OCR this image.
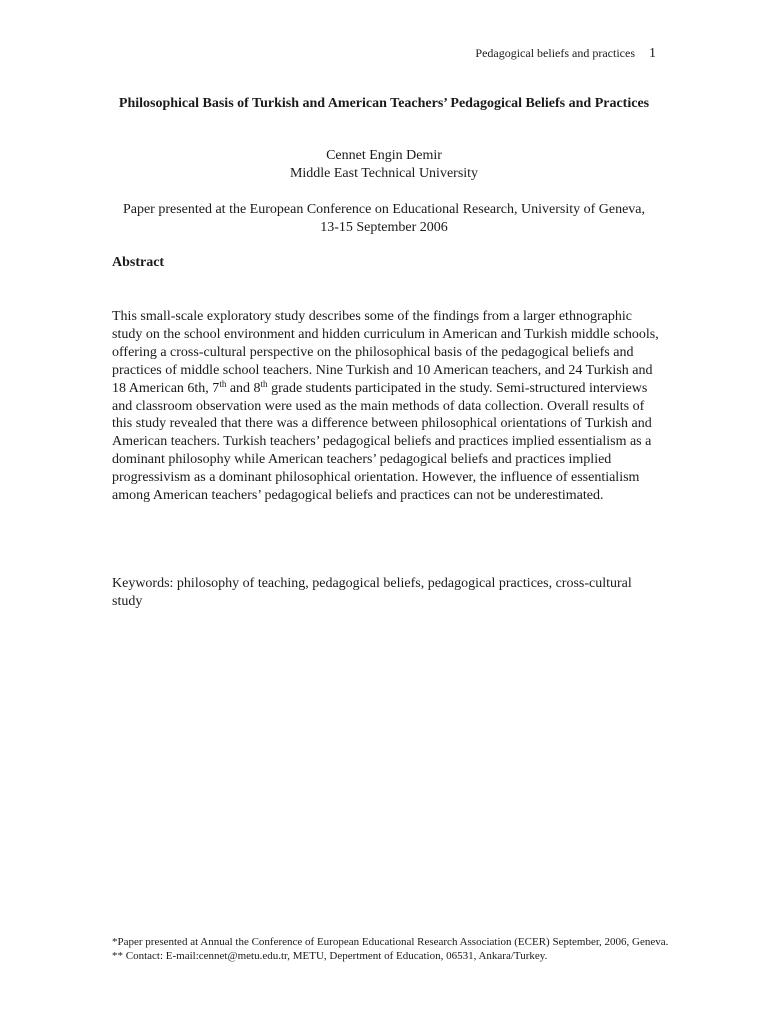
Pedagogical beliefs and practices 1
Philosophical Basis of Turkish and American Teachers’ Pedagogical Beliefs and Practices
Cennet Engin Demir
Middle East Technical University
Paper presented at the European Conference on Educational Research, University of Geneva, 13-15 September 2006
Abstract
This small-scale exploratory study describes some of the findings from a larger ethnographic study on the school environment and hidden curriculum in American and Turkish middle schools, offering a cross-cultural perspective on the philosophical basis of the pedagogical beliefs and practices of middle school teachers. Nine Turkish and 10 American teachers, and 24 Turkish and 18 American 6th, 7th and 8th grade students participated in the study. Semi-structured interviews and classroom observation were used as the main methods of data collection. Overall results of this study revealed that there was a difference between philosophical orientations of Turkish and American teachers. Turkish teachers’ pedagogical beliefs and practices implied essentialism as a dominant philosophy while American teachers’ pedagogical beliefs and practices implied progressivism as a dominant philosophical orientation. However, the influence of essentialism among American teachers’ pedagogical beliefs and practices can not be underestimated.
Keywords: philosophy of teaching, pedagogical beliefs, pedagogical practices, cross-cultural study
*Paper presented at Annual the Conference of European Educational Research Association (ECER) September, 2006, Geneva.
** Contact: E-mail:cennet@metu.edu.tr, METU, Depertment of Education, 06531, Ankara/Turkey.
